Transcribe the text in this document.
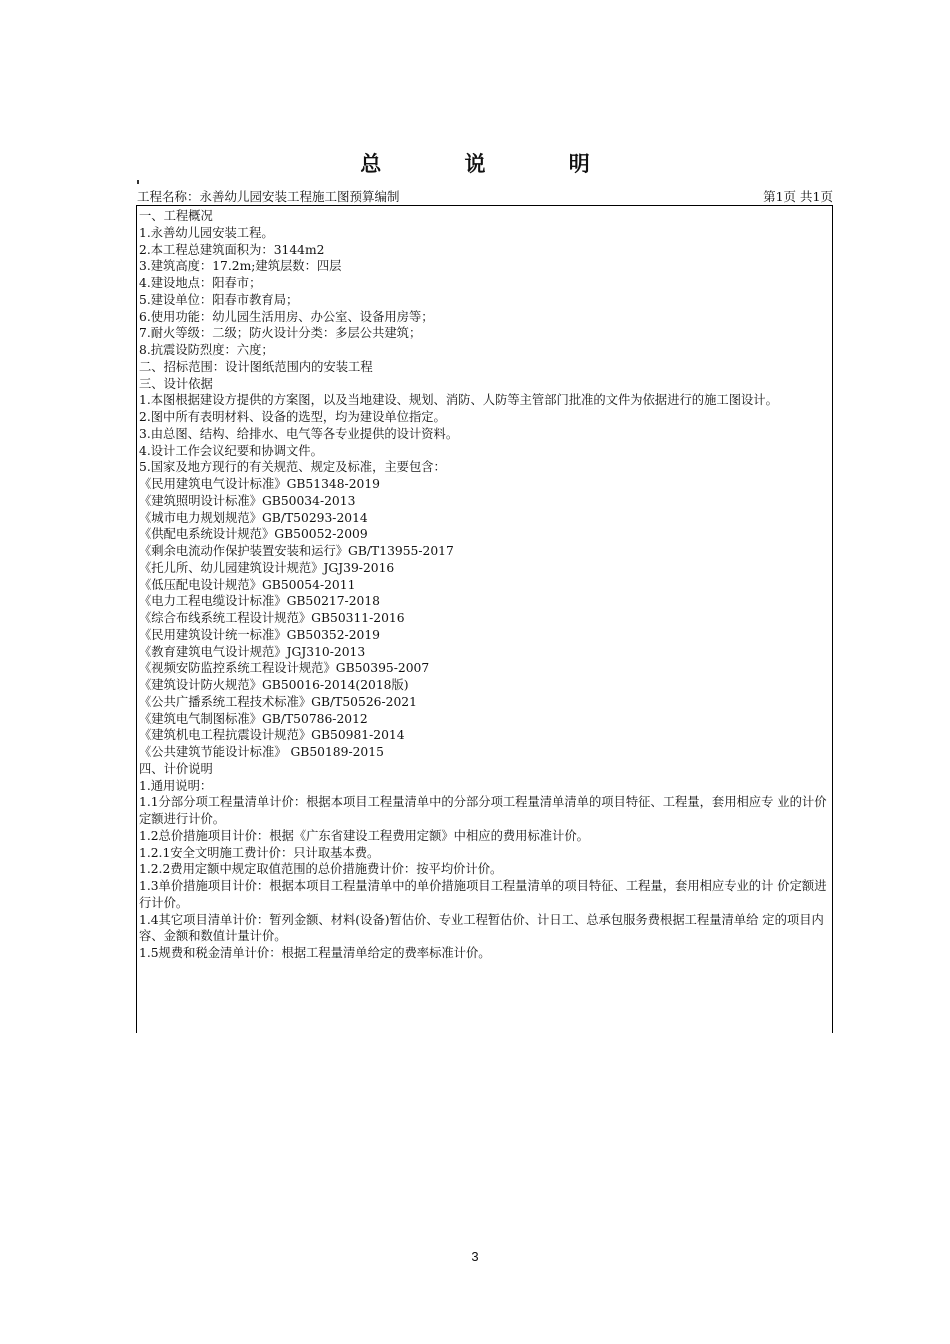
总 说 明
工程名称：永善幼儿园安装工程施工图预算编制	第1页 共1页
一、工程概况
1.永善幼儿园安装工程。
2.本工程总建筑面积为：3144m2
3.建筑高度：17.2m;建筑层数：四层
4.建设地点：阳春市；
5.建设单位：阳春市教育局；
6.使用功能：幼儿园生活用房、办公室、设备用房等；
7.耐火等级：二级；防火设计分类：多层公共建筑；
8.抗震设防烈度：六度；
二、招标范围：设计图纸范围内的安装工程
三、设计依据
1.本图根据建设方提供的方案图，以及当地建设、规划、消防、人防等主管部门批准的文件为依据进行的施工图设计。
2.图中所有表明材料、设备的选型，均为建设单位指定。
3.由总图、结构、给排水、电气等各专业提供的设计资料。
4.设计工作会议纪要和协调文件。
5.国家及地方现行的有关规范、规定及标准，主要包含：
《民用建筑电气设计标准》GB51348-2019
《建筑照明设计标准》GB50034-2013
《城市电力规划规范》GB/T50293-2014
《供配电系统设计规范》GB50052-2009
《剩余电流动作保护装置安装和运行》GB/T13955-2017
《托儿所、幼儿园建筑设计规范》JGJ39-2016
《低压配电设计规范》GB50054-2011
《电力工程电缆设计标准》GB50217-2018
《综合布线系统工程设计规范》GB50311-2016
《民用建筑设计统一标准》GB50352-2019
《教育建筑电气设计规范》JGJ310-2013
《视频安防监控系统工程设计规范》GB50395-2007
《建筑设计防火规范》GB50016-2014(2018版)
《公共广播系统工程技术标准》GB/T50526-2021
《建筑电气制图标准》GB/T50786-2012
《建筑机电工程抗震设计规范》GB50981-2014
《公共建筑节能设计标准》 GB50189-2015
四、计价说明
1.通用说明：
1.1分部分项工程量清单计价：根据本项目工程量清单中的分部分项工程量清单清单的项目特征、工程量，套用相应专 业的计价定额进行计价。
1.2总价措施项目计价：根据《广东省建设工程费用定额》中相应的费用标准计价。
1.2.1安全文明施工费计价：只计取基本费。
1.2.2费用定额中规定取值范围的总价措施费计价：按平均价计价。
1.3单价措施项目计价：根据本项目工程量清单中的单价措施项目工程量清单的项目特征、工程量，套用相应专业的计 价定额进行计价。
1.4其它项目清单计价：暂列金额、材料(设备)暂估价、专业工程暂估价、计日工、总承包服务费根据工程量清单给 定的项目内容、金额和数值计量计价。
1.5规费和税金清单计价：根据工程量清单给定的费率标准计价。
3
